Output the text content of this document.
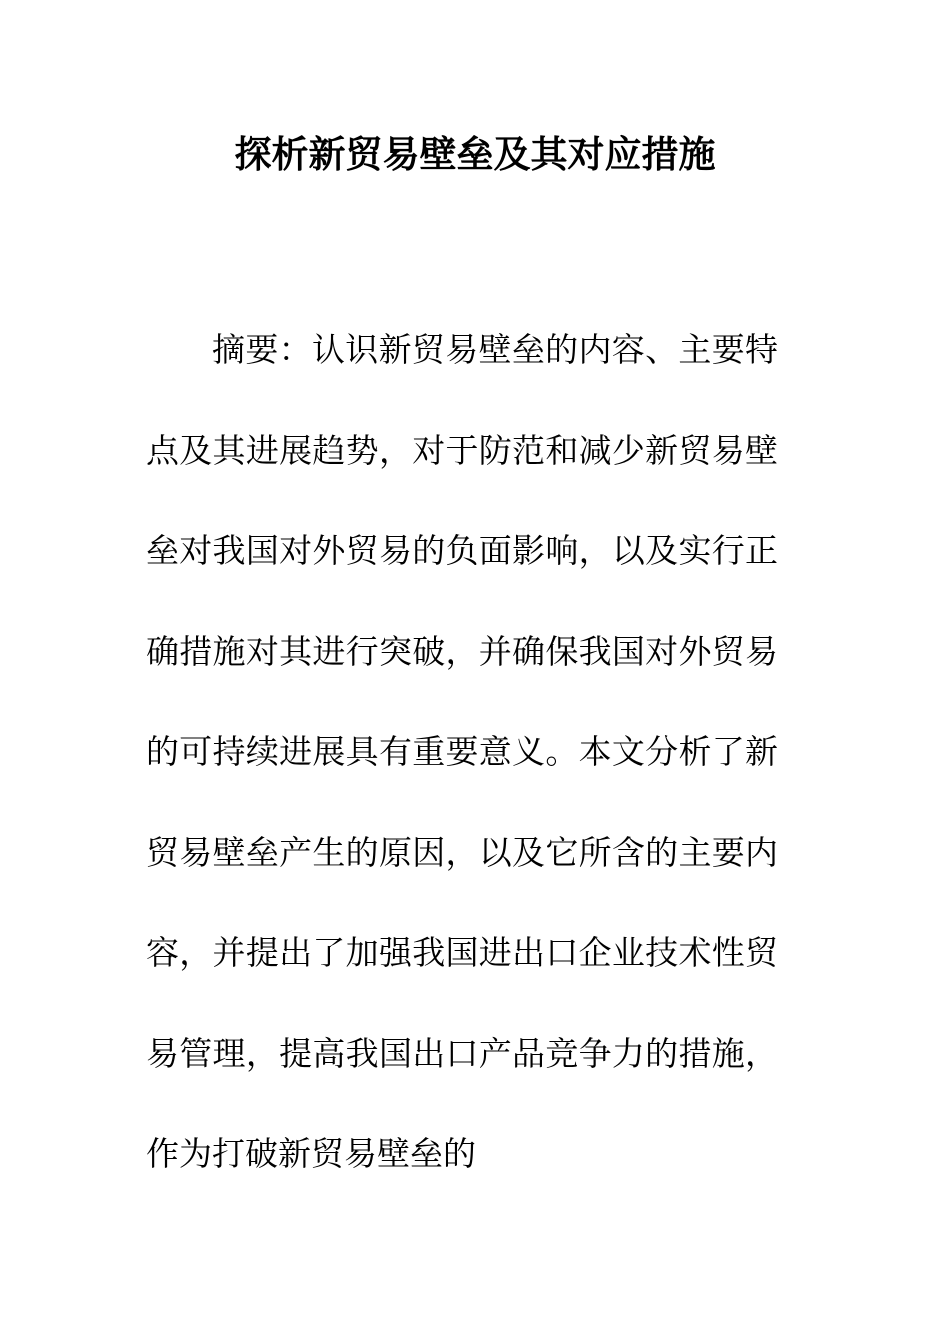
探析新贸易壁垒及其对应措施

摘要：认识新贸易壁垒的内容、主要特点及其进展趋势，对于防范和减少新贸易壁垒对我国对外贸易的负面影响，以及实行正确措施对其进行突破，并确保我国对外贸易的可持续进展具有重要意义。本文分析了新贸易壁垒产生的原因，以及它所含的主要内容，并提出了加强我国进出口企业技术性贸易管理，提高我国出口产品竞争力的措施，作为打破新贸易壁垒的
